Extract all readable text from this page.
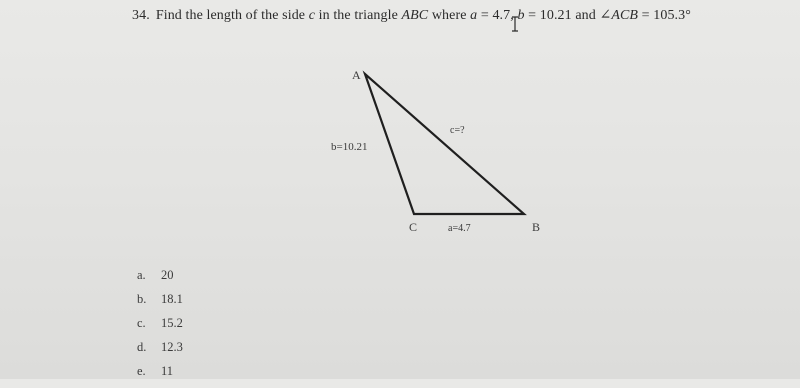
34. Find the length of the side c in the triangle ABC where a = 4.7, b = 10.21 and ∠ACB = 105.3°
A
B
C
b=10.21
c=?
a=4.7
a. 20
b. 18.1
c. 15.2
d. 12.3
e. 11
